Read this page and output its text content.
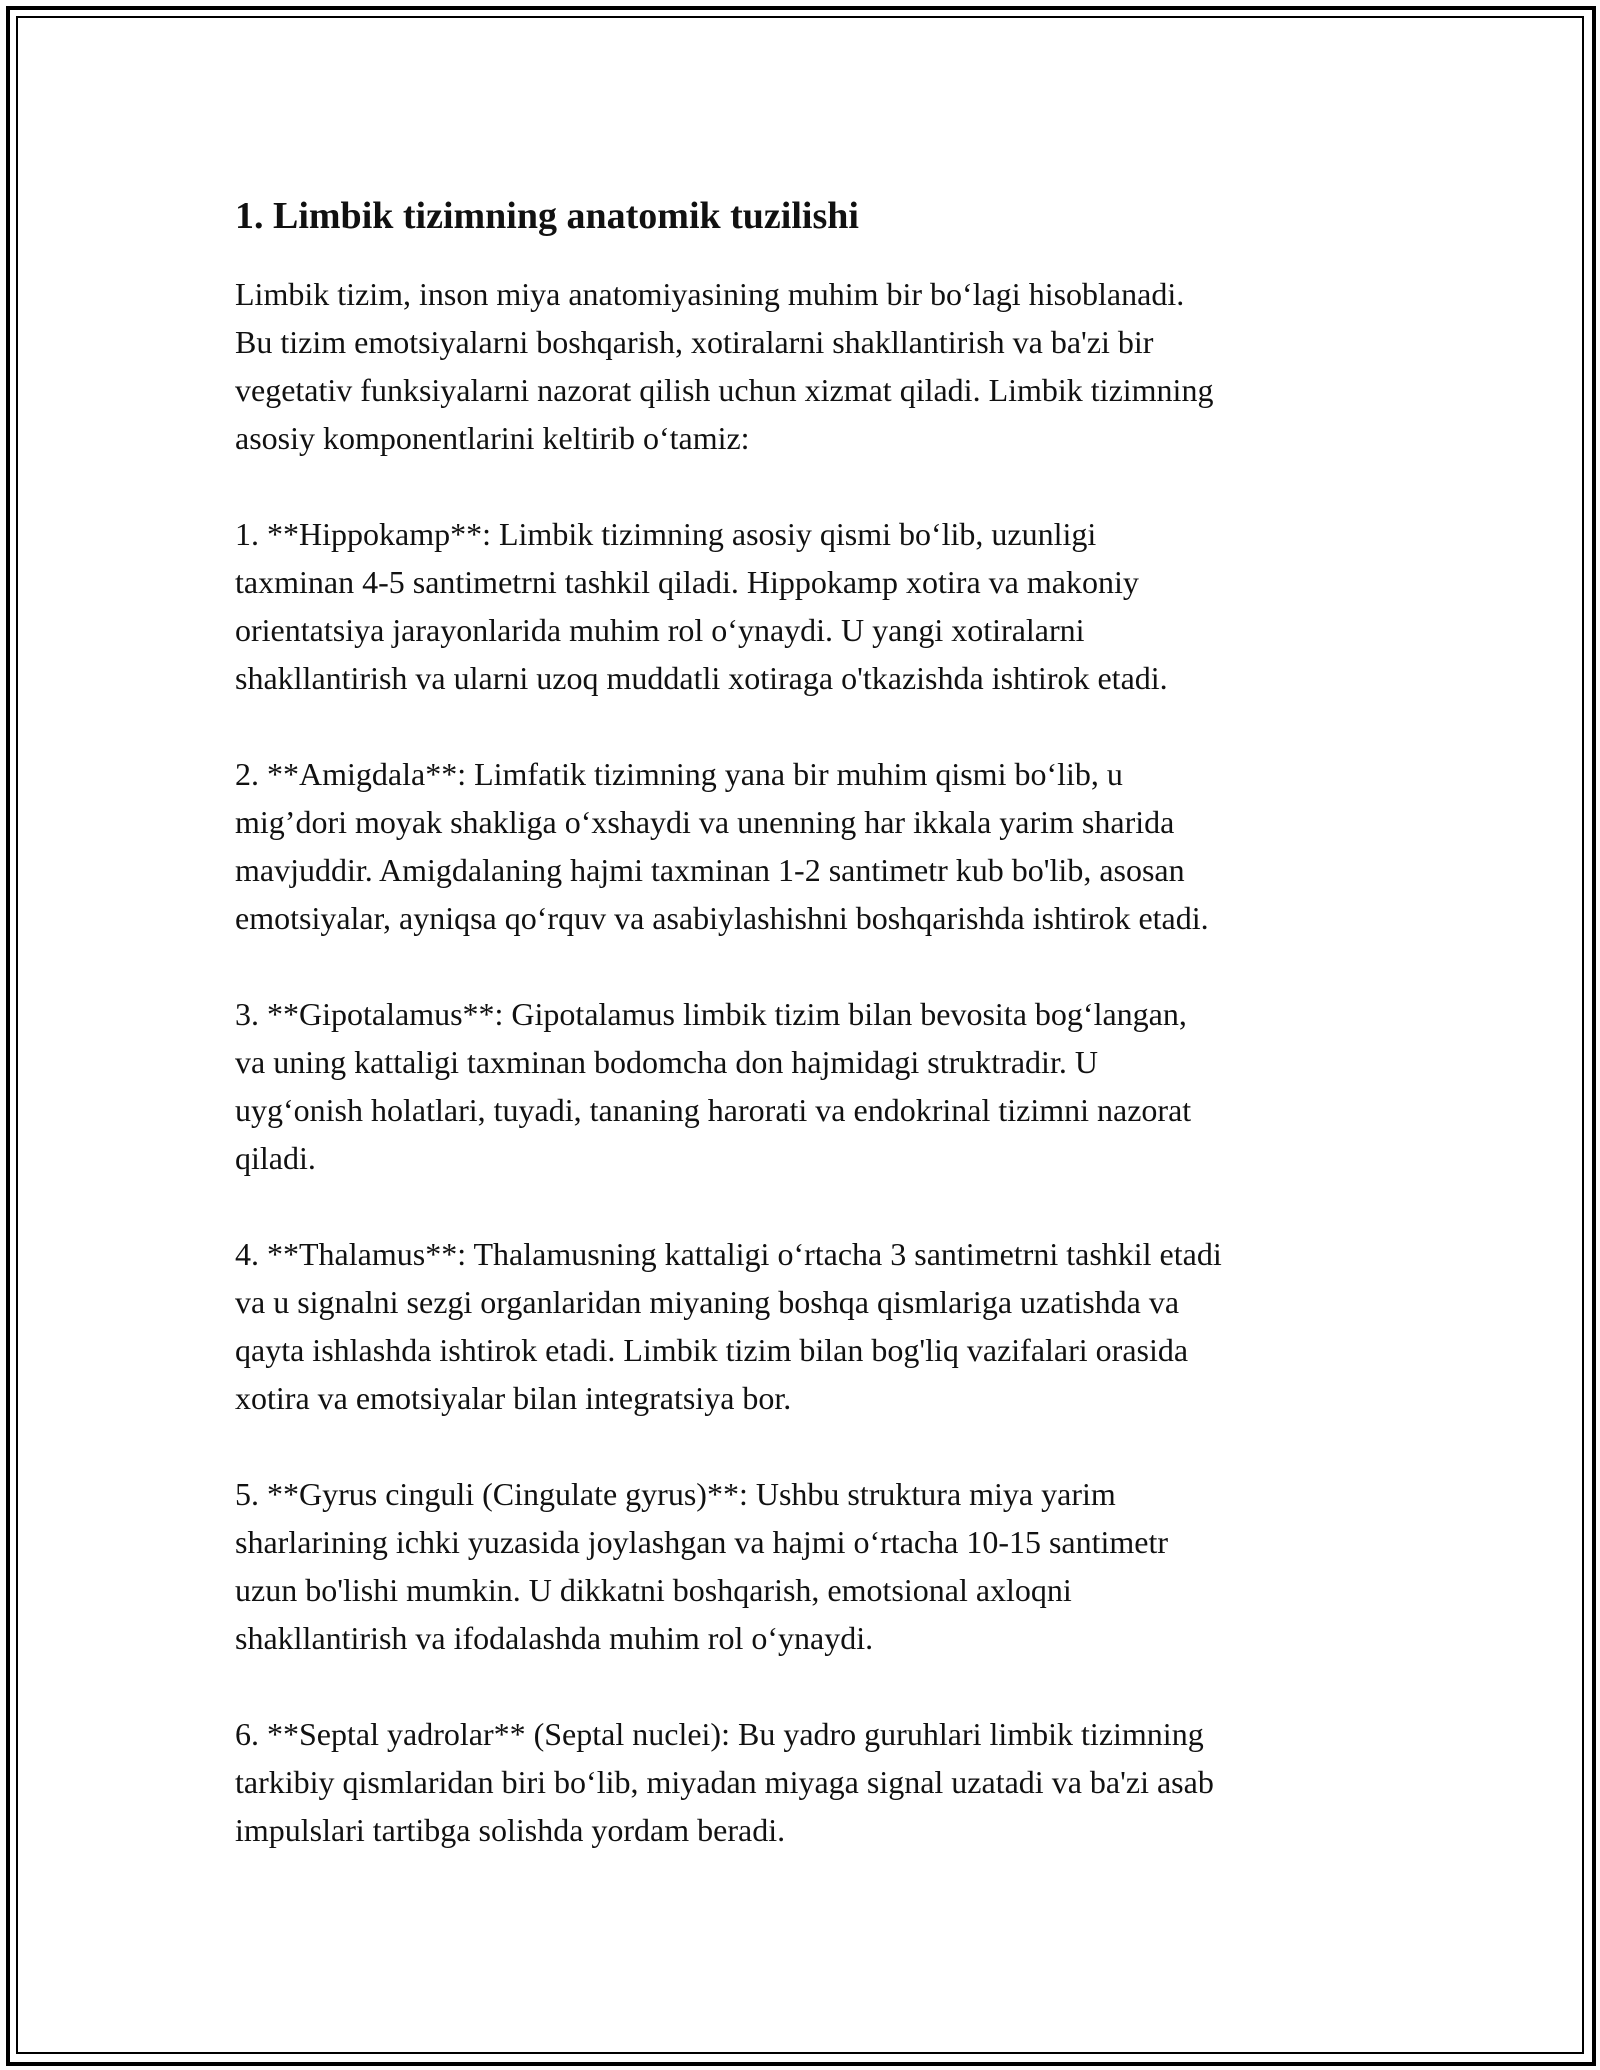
1. Limbik tizimning anatomik tuzilishi

Limbik tizim, inson miya anatomiyasining muhim bir bo‘lagi hisoblanadi.
Bu tizim emotsiyalarni boshqarish, xotiralarni shakllantirish va ba'zi bir
vegetativ funksiyalarni nazorat qilish uchun xizmat qiladi. Limbik tizimning
asosiy komponentlarini keltirib o‘tamiz:

1. **Hippokamp**: Limbik tizimning asosiy qismi bo‘lib, uzunligi
taxminan 4-5 santimetrni tashkil qiladi. Hippokamp xotira va makoniy
orientatsiya jarayonlarida muhim rol o‘ynaydi. U yangi xotiralarni
shakllantirish va ularni uzoq muddatli xotiraga o'tkazishda ishtirok etadi.

2. **Amigdala**: Limfatik tizimning yana bir muhim qismi bo‘lib, u
mig’dori moyak shakliga o‘xshaydi va unenning har ikkala yarim sharida
mavjuddir. Amigdalaning hajmi taxminan 1-2 santimetr kub bo'lib, asosan
emotsiyalar, ayniqsa qo‘rquv va asabiylashishni boshqarishda ishtirok etadi.

3. **Gipotalamus**: Gipotalamus limbik tizim bilan bevosita bog‘langan,
va uning kattaligi taxminan bodomcha don hajmidagi struktradir. U
uyg‘onish holatlari, tuyadi, tananing harorati va endokrinal tizimni nazorat
qiladi.

4. **Thalamus**: Thalamusning kattaligi o‘rtacha 3 santimetrni tashkil etadi
va u signalni sezgi organlaridan miyaning boshqa qismlariga uzatishda va
qayta ishlashda ishtirok etadi. Limbik tizim bilan bog'liq vazifalari orasida
xotira va emotsiyalar bilan integratsiya bor.

5. **Gyrus cinguli (Cingulate gyrus)**: Ushbu struktura miya yarim
sharlarining ichki yuzasida joylashgan va hajmi o‘rtacha 10-15 santimetr
uzun bo'lishi mumkin. U dikkatni boshqarish, emotsional axloqni
shakllantirish va ifodalashda muhim rol o‘ynaydi.

6. **Septal yadrolar** (Septal nuclei): Bu yadro guruhlari limbik tizimning
tarkibiy qismlaridan biri bo‘lib, miyadan miyaga signal uzatadi va ba'zi asab
impulslari tartibga solishda yordam beradi.
